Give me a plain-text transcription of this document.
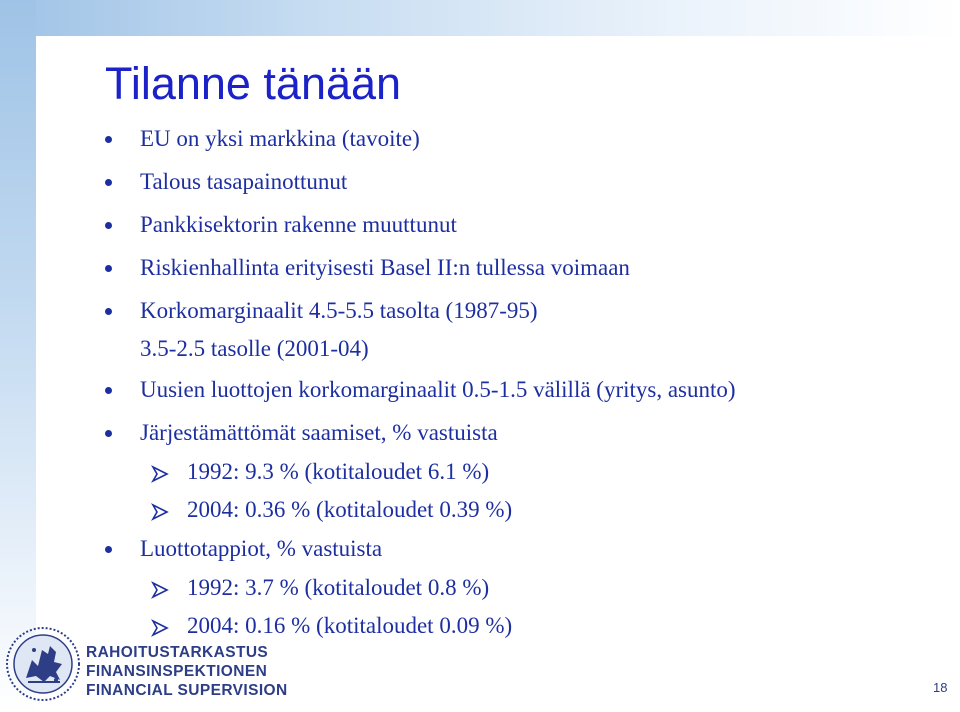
Tilanne tänään
EU on yksi markkina (tavoite)
Talous tasapainottunut
Pankkisektorin rakenne muuttunut
Riskienhallinta erityisesti Basel II:n tullessa voimaan
Korkomarginaalit 4.5-5.5 tasolta (1987-95)
3.5-2.5 tasolle (2001-04)
Uusien luottojen korkomarginaalit 0.5-1.5 välillä (yritys, asunto)
Järjestämättömät saamiset, % vastuista
1992: 9.3 % (kotitaloudet 6.1 %)
2004: 0.36 % (kotitaloudet 0.39 %)
Luottotappiot, % vastuista
1992: 3.7 % (kotitaloudet 0.8 %)
2004: 0.16 % (kotitaloudet 0.09 %)
RAHOITUSTARKASTUS
FINANSINSPEKTIONEN
FINANCIAL SUPERVISION	18
